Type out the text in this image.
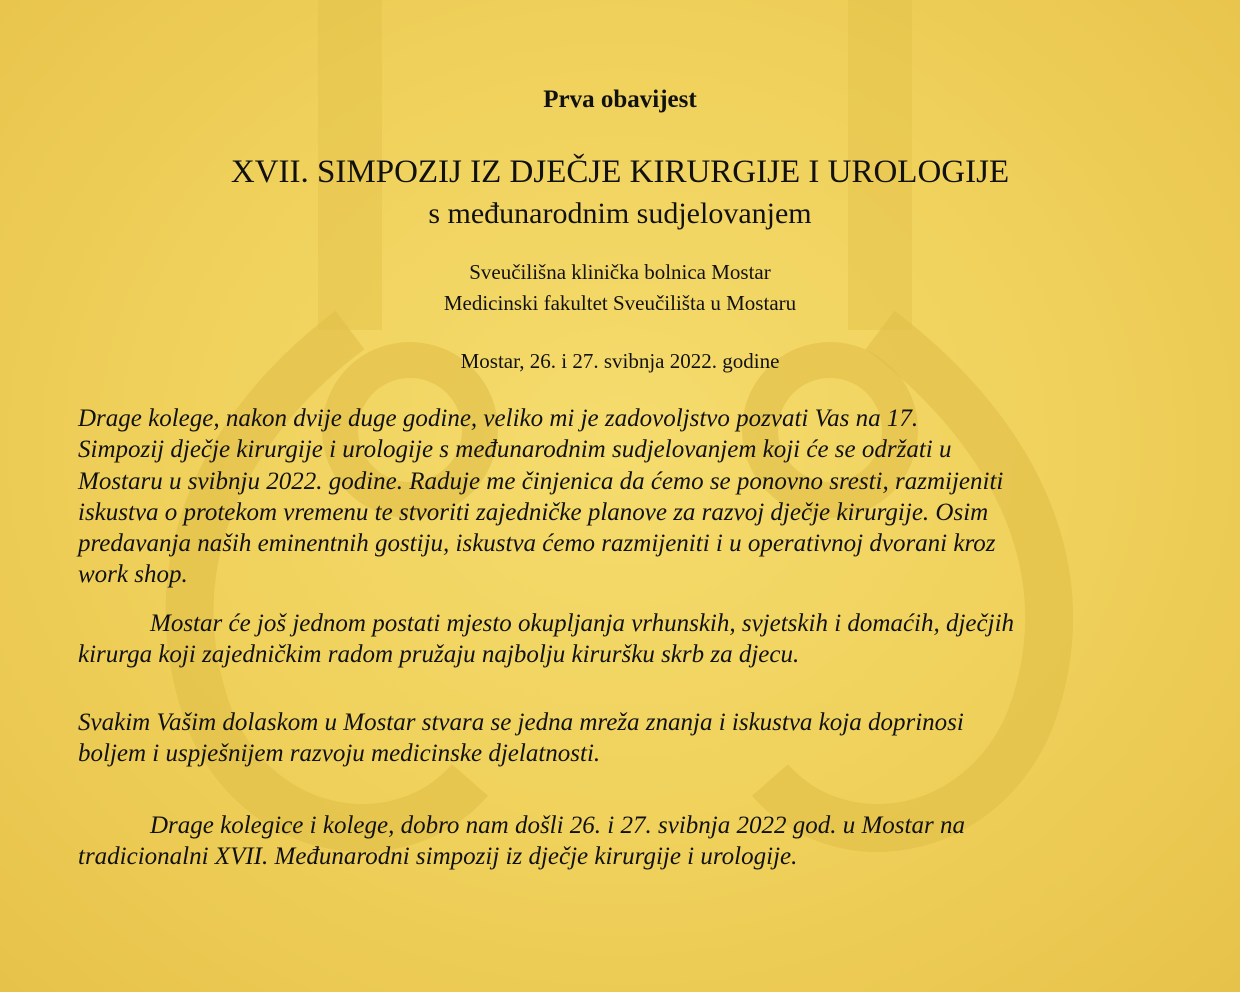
Prva obavijest
XVII. SIMPOZIJ IZ DJEČJE KIRURGIJE I UROLOGIJE
s međunarodnim sudjelovanjem
Sveučilišna klinička bolnica Mostar
Medicinski fakultet Sveučilišta u Mostaru
Mostar, 26. i 27. svibnja 2022. godine
Drage kolege, nakon dvije duge godine, veliko mi je zadovoljstvo pozvati Vas na 17.
Simpozij dječje kirurgije i urologije s međunarodnim sudjelovanjem koji će se održati u
Mostaru u svibnju 2022. godine. Raduje me činjenica da ćemo se ponovno sresti, razmijeniti
iskustva o protekom vremenu te stvoriti zajedničke planove za razvoj dječje kirurgije. Osim
predavanja naših eminentnih gostiju, iskustva ćemo razmijeniti i u operativnoj dvorani kroz
work shop.
Mostar će još jednom postati mjesto okupljanja vrhunskih, svjetskih i domaćih, dječjih
kirurga koji zajedničkim radom pružaju najbolju kiruršku skrb za djecu.
Svakim Vašim dolaskom u Mostar stvara se jedna mreža znanja i iskustva koja doprinosi
boljem i uspješnijem razvoju medicinske djelatnosti.
Drage kolegice i kolege, dobro nam došli 26. i 27. svibnja 2022 god. u Mostar na
tradicionalni XVII. Međunarodni simpozij iz dječje kirurgije i urologije.
